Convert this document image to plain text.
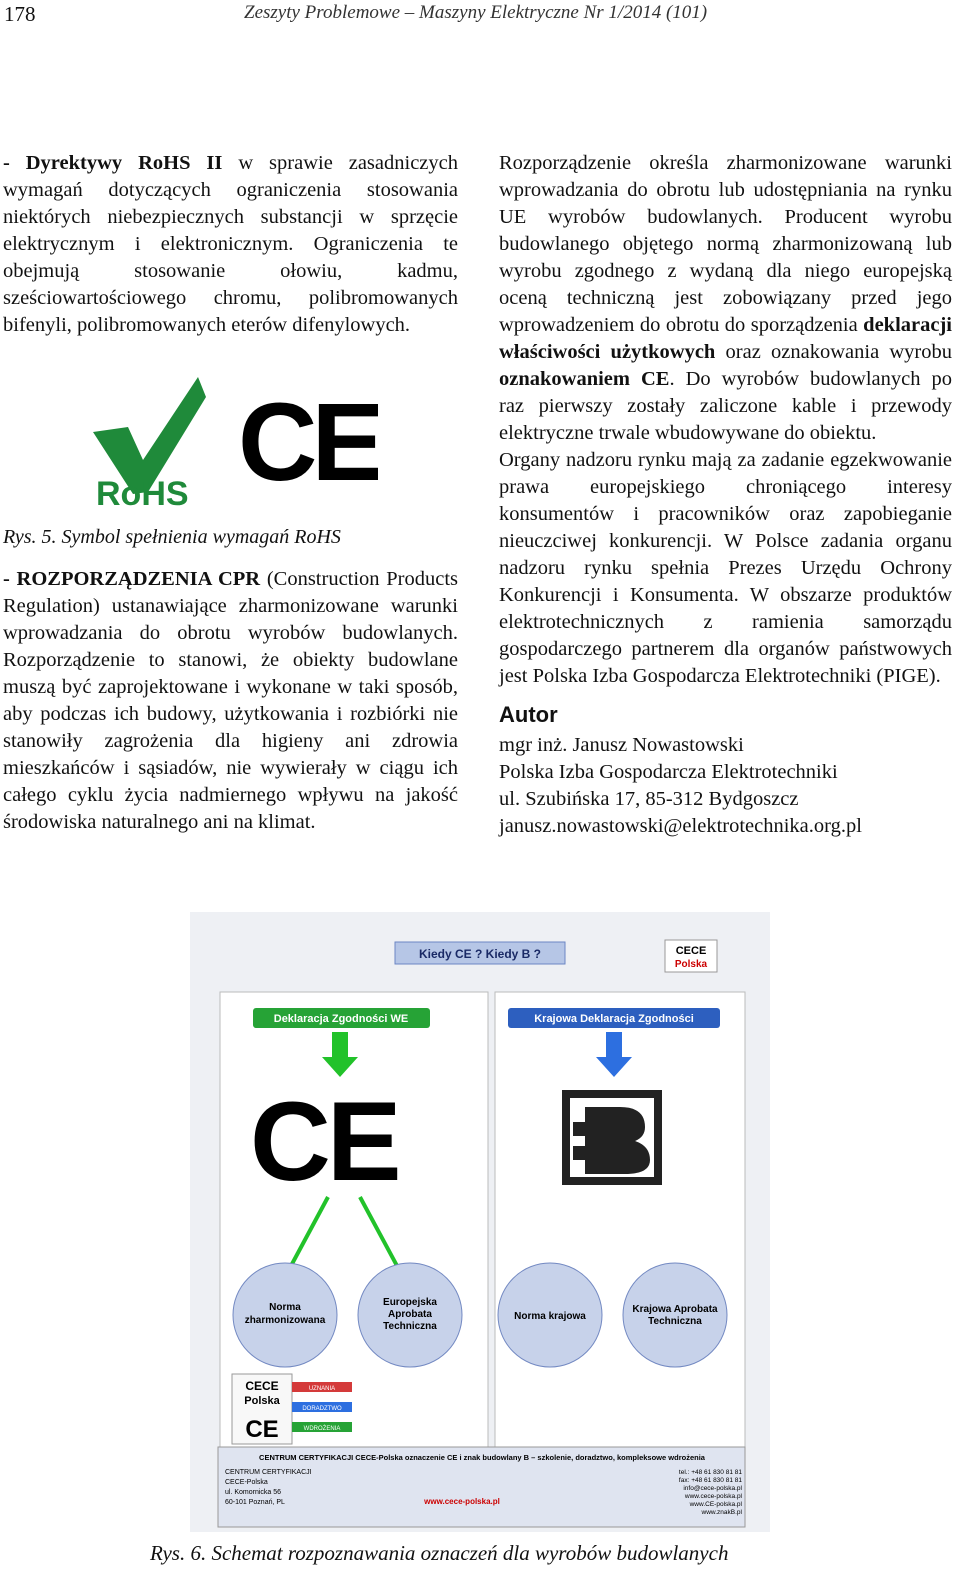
178	Zeszyty Problemowe – Maszyny Elektryczne Nr 1/2014 (101)

- Dyrektywy RoHS II w sprawie zasadniczych wymagań dotyczących ograniczenia stosowania niektórych niebezpiecznych substancji w sprzęcie elektrycznym i elektronicznym. Ograniczenia te obejmują stosowanie ołowiu, kadmu, sześciowartościowego chromu, polibromowanych bifenyli, polibromowanych eterów difenylowych.

RoHS CE
Rys. 5. Symbol spełnienia wymagań RoHS

- ROZPORZĄDZENIA CPR (Construction Products Regulation) ustanawiające zharmonizowane warunki wprowadzania do obrotu wyrobów budowlanych. Rozporządzenie to stanowi, że obiekty budowlane muszą być zaprojektowane i wykonane w taki sposób, aby podczas ich budowy, użytkowania i rozbiórki nie stanowiły zagrożenia dla higieny ani zdrowia mieszkańców i sąsiadów, nie wywierały w ciągu ich całego cyklu życia nadmiernego wpływu na jakość środowiska naturalnego ani na klimat.

Rozporządzenie określa zharmonizowane warunki wprowadzania do obrotu lub udostępniania na rynku UE wyrobów budowlanych. Producent wyrobu budowlanego objętego normą zharmonizowaną lub wyrobu zgodnego z wydaną dla niego europejską oceną techniczną jest zobowiązany przed jego wprowadzeniem do obrotu do sporządzenia deklaracji właściwości użytkowych oraz oznakowania wyrobu oznakowaniem CE. Do wyrobów budowlanych po raz pierwszy zostały zaliczone kable i przewody elektryczne trwale wbudowywane do obiektu.

Organy nadzoru rynku mają za zadanie egzekwowanie prawa europejskiego chroniącego interesy konsumentów i pracowników oraz zapobieganie nieuczciwej konkurencji. W Polsce zadania organu nadzoru rynku spełnia Prezes Urzędu Ochrony Konkurencji i Konsumenta. W obszarze produktów elektrotechnicznych z ramienia samorządu gospodarczego partnerem dla organów państwowych jest Polska Izba Gospodarcza Elektrotechniki (PIGE).

Autor

mgr inż. Janusz Nowastowski

Polska Izba Gospodarcza Elektrotechniki

ul. Szubińska 17, 85-312 Bydgoszcz

janusz.nowastowski@elektrotechnika.org.pl

Kiedy CE ? Kiedy B ?	CECE
Polska
Deklaracja Zgodności WE	Krajowa Deklaracja Zgodności
CE
Norma
zharmonizowana
Europejska
Aprobata
Techniczna
Norma krajowa
Krajowa Aprobata
Techniczna
CECE
Polska
CE
UZNANIA
DORADZTWO
WDROŻENIA
CENTRUM CERTYFIKACJI CECE-Polska oznaczenie CE i znak budowlany B – szkolenie, doradztwo, kompleksowe wdrożenia
CENTRUM CERTYFIKACJI
CECE-Polska
ul. Komornicka 56
60-101 Poznań, PL	www.cece-polska.pl
tel.: +48 61 830 81 81
fax: +48 61 830 81 81
info@cece-polska.pl
www.cece-polska.pl
www.CE-polska.pl
www.znakB.pl
Rys. 6. Schemat rozpoznawania oznaczeń dla wyrobów budowlanych
